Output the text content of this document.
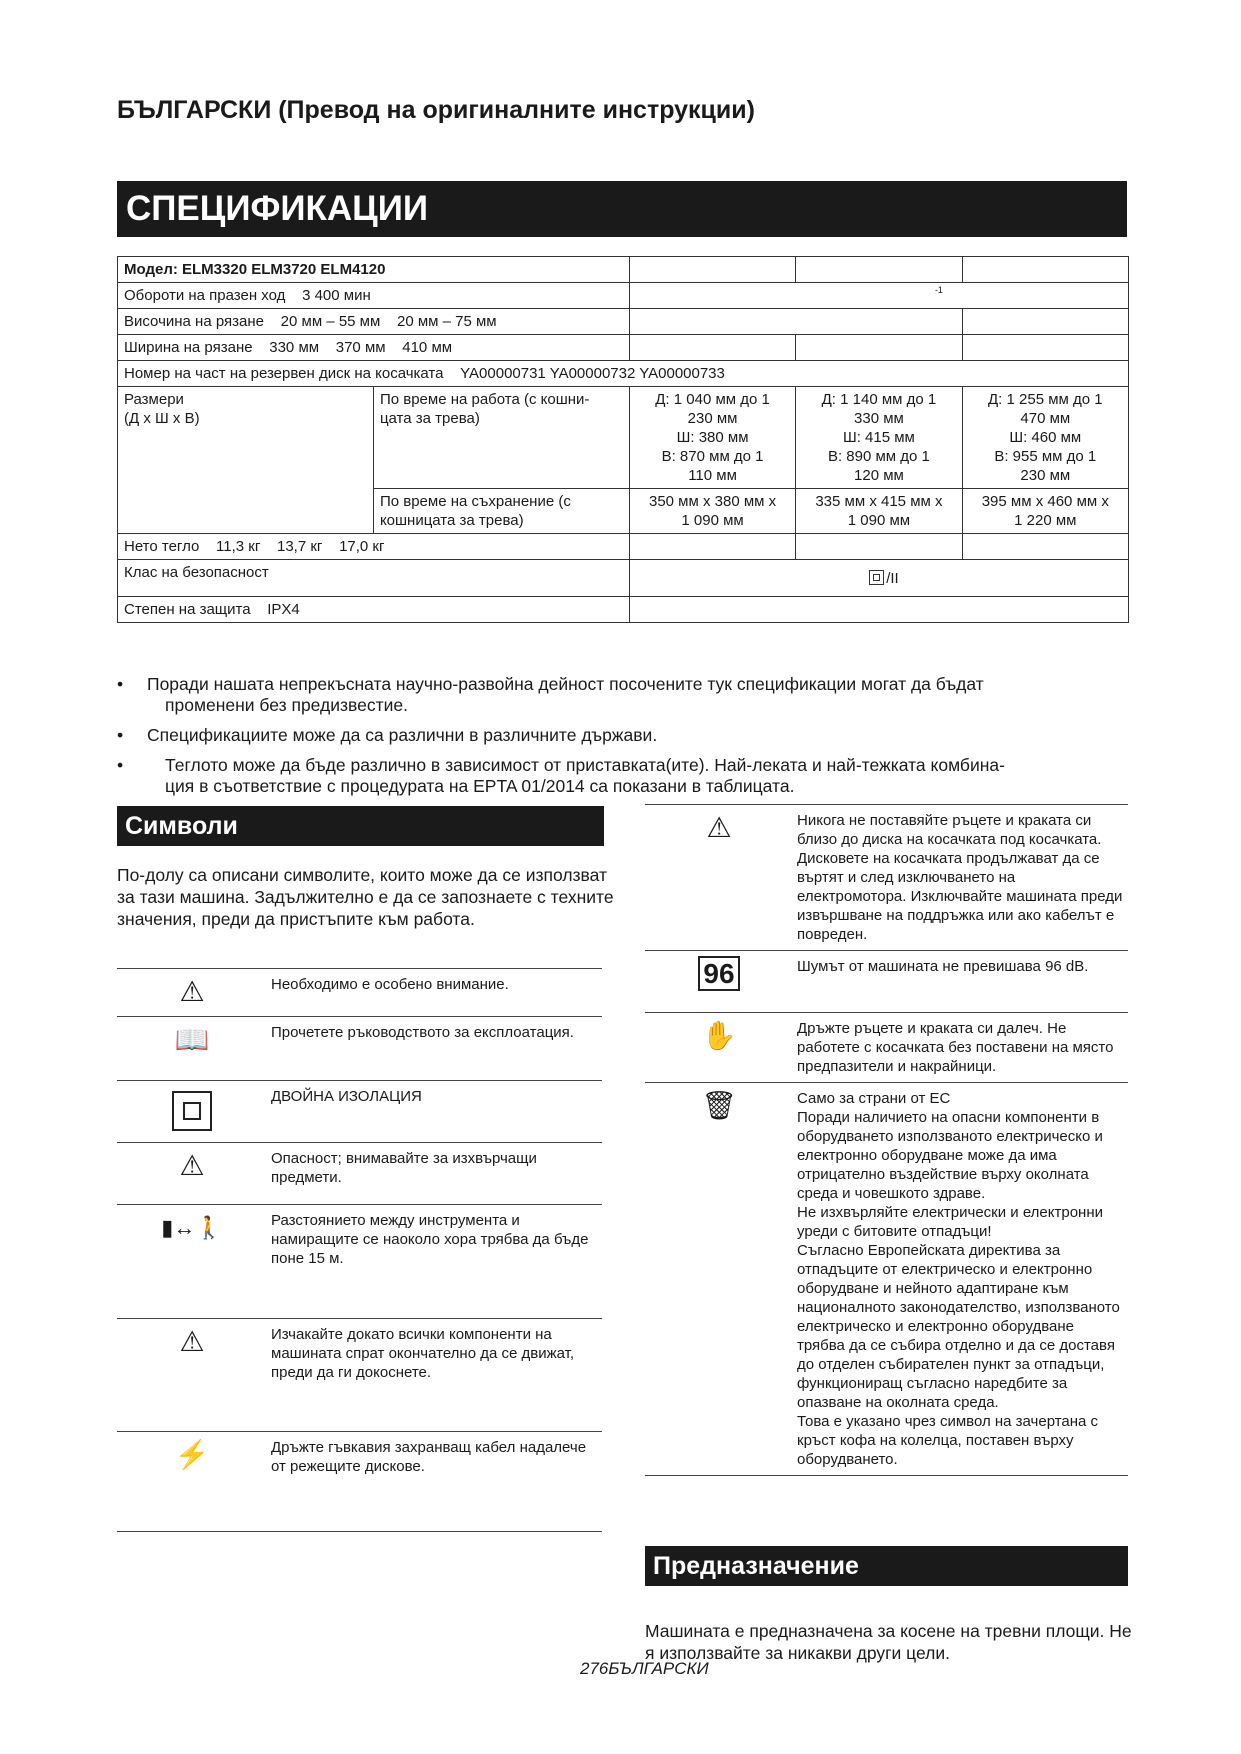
БЪЛГАРСКИ (Превод на оригиналните инструкции)
СПЕЦИФИКАЦИИ
Модел: ELM3320 ELM3720 ELM4120				
Обороти на празен ход 3 400 мин		-1		

Височина на рязане 20 мм – 55 мм 20 мм – 75 мм				
Ширина на рязане 330 мм 370 мм 410 мм				
Номер на част на резервен диск на косачката YA00000731 YA00000732 YA00000733				
Размери
(Д x Ш x В)	По време на работа (с кошни-
цата за трева)	Д: 1 040 мм до 1
230 мм
Ш: 380 мм
В: 870 мм до 1
110 мм	Д: 1 140 мм до 1
330 мм
Ш: 415 мм
В: 890 мм до 1
120 мм	Д: 1 255 мм до 1
470 мм
Ш: 460 мм
В: 955 мм до 1
230 мм
	По време на съхранение (с
кошницата за трева)	350 мм x 380 мм x
1 090 мм	335 мм x 415 мм x
1 090 мм	395 мм x 460 мм x
1 220 мм
Нето тегло 11,3 кг 13,7 кг 17,0 кг				
Клас на безопасност		/II		
Степен на защита IPX4				
• Поради нашата непрекъсната научно-развойна дейност посочените тук спецификации могат да бъдат
променени без предизвестие.
• Спецификациите може да са различни в различните държави.
• Теглото може да бъде различно в зависимост от приставката(ите). Най-леката и най-тежката комбина-
ция в съответствие с процедурата на EPTA 01/2014 са показани в таблицата.
Символи
По-долу са описани символите, които може да се използват за тази машина. Задължително е да се запознаете с техните значения, преди да пристъпите към работа.
⚠	Необходимо е особено внимание.
📖	Прочетете ръководството за експлоатация.
	ДВОЙНА ИЗОЛАЦИЯ
⚠	Опасност; внимавайте за изхвърчащи предмети.
▮↔🚶	Разстоянието между инструмента и намиращите се наоколо хора трябва да бъде поне 15 м.
⚠	Изчакайте докато всички компоненти на машината спрат окончателно да се движат, преди да ги докоснете.
⚡	Дръжте гъвкавия захранващ кабел надалече от режещите дискове.
⚠	Никога не поставяйте ръцете и краката си близо до диска на косачката под косачката. Дисковете на косачката продължават да се въртят и след изключването на електромотора. Изключвайте машината преди извършване на поддръжка или ако кабелът е повреден.
96	Шумът от машината не превишава 96 dB.
✋	Дръжте ръцете и краката си далеч. Не работете с косачката без поставени на място предпазители и накрайници.
🗑	Само за страни от ЕС
Поради наличието на опасни компоненти в оборудването използваното електрическо и електронно оборудване може да има отрицателно въздействие върху околната среда и човешкото здраве.
Не изхвърляйте електрически и електронни уреди с битовите отпадъци!
Съгласно Европейската директива за отпадъците от електрическо и електронно оборудване и нейното адаптиране към националното законодателство, използваното електрическо и електронно оборудване трябва да се събира отделно и да се доставя до отделен събирателен пункт за отпадъци, функциониращ съгласно наредбите за опазване на околната среда.
Това е указано чрез символ на зачертана с кръст кофа на колелца, поставен върху оборудването.
Предназначение
Машината е предназначена за косене на тревни площи. Не я използвайте за никакви други цели.
276БЪЛГАРСКИ
